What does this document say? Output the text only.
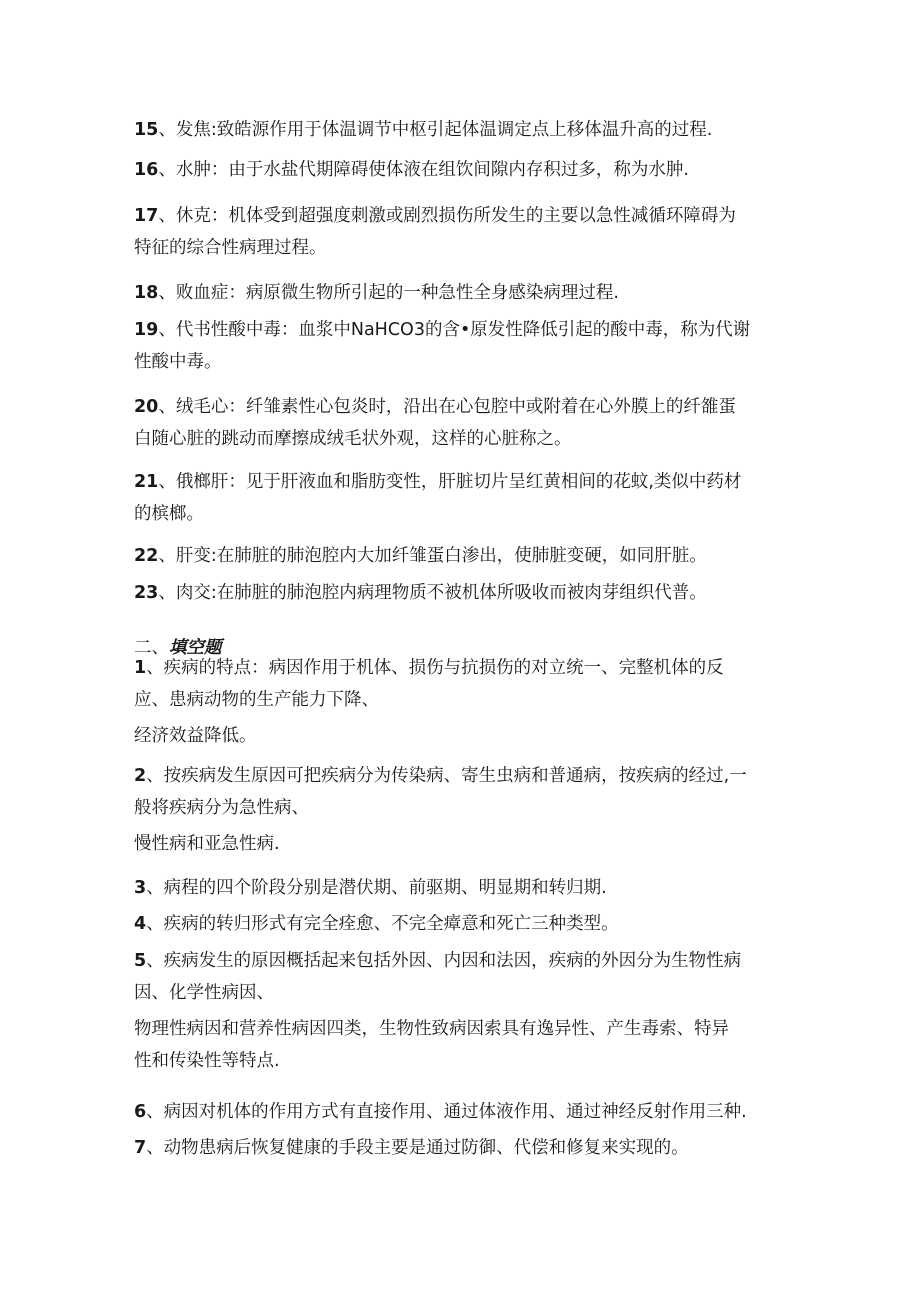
15、发焦:致皓源作用于体温调节中枢引起体温调定点上移体温升高的过程.

16、水肿：由于水盐代期障碍使体液在组饮间隙内存积过多，称为水肿.

17、休克：机体受到超强度刺激或剧烈损伤所发生的主要以急性减循环障碍为

特征的综合性病理过程。

18、败血症：病原微生物所引起的一种急性全身感染病理过程.

19、代书性酸中毒：血浆中NaHCO3的含•原发性降低引起的酸中毒，称为代谢

性酸中毒。

20、绒毛心：纤雏素性心包炎时，沿出在心包腔中或附着在心外膜上的纤雒蛋

白随心脏的跳动而摩擦成绒毛状外观，这样的心脏称之。

21、俄榔肝：见于肝液血和脂肪变性，肝脏切片呈红黄相间的花蚊,类似中药材

的槟榔。

22、肝变:在肺脏的肺泡腔内大加纤雏蛋白渗出，使肺脏变硬，如同肝脏。

23、肉交:在肺脏的肺泡腔内病理物质不被机体所吸收而被肉芽组织代普。

二、填空题

1、疾病的特点：病因作用于机体、损伤与抗损伤的对立统一、完整机体的反

应、患病动物的生产能力下降、

经济效益降低。

2、按疾病发生原因可把疾病分为传染病、寄生虫病和普通病，按疾病的经过,一

般将疾病分为急性病、

慢性病和亚急性病.

3、病程的四个阶段分别是潜伏期、前驱期、明显期和转归期.

4、疾病的转归形式有完全痊愈、不完全瘴意和死亡三种类型。

5、疾病发生的原因概括起来包括外因、内因和法因，疾病的外因分为生物性病

因、化学性病因、

物理性病因和营养性病因四类，生物性致病因索具有逸异性、产生毒索、特异

性和传染性等特点.

6、病因对机体的作用方式有直接作用、通过体液作用、通过神经反射作用三种.

7、动物患病后恢复健康的手段主要是通过防御、代偿和修复来实现的。
